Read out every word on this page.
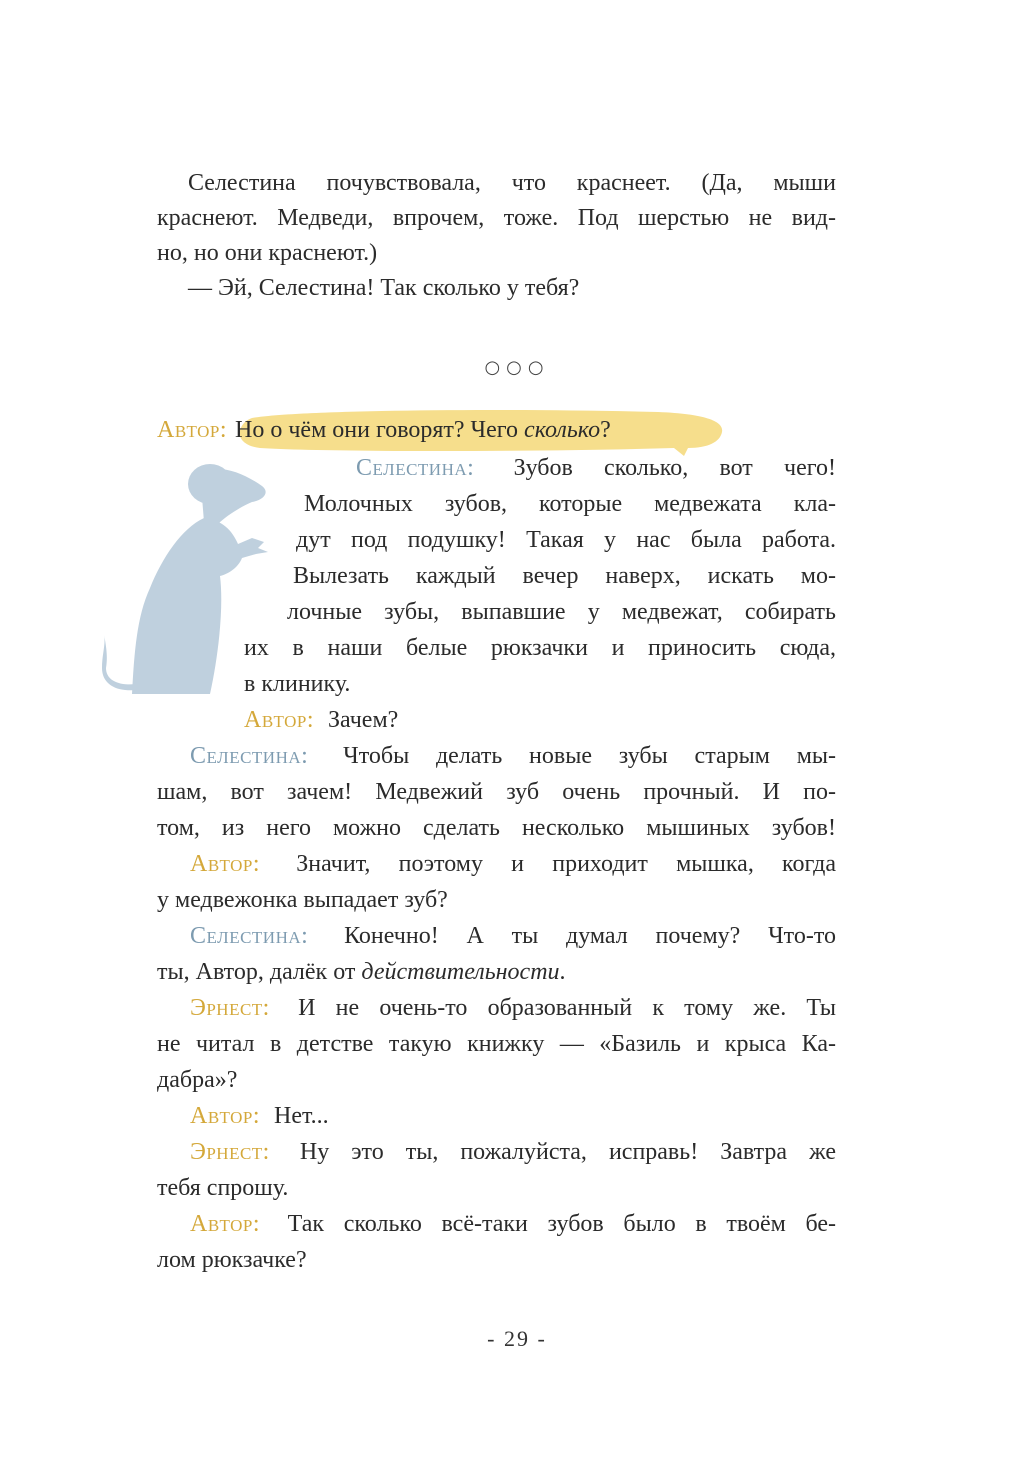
Селестина почувствовала, что краснеет. (Да, мыши
краснеют. Медведи, впрочем, тоже. Под шерстью не вид-
но, но они краснеют.)
— Эй, Селестина! Так сколько у тебя?
○○○
Автор: Но о чём они говорят? Чего сколько?
Селестина: Зубов сколько, вот чего!
Молочных зубов, которые медвежата кла-
дут под подушку! Такая у нас была работа.
Вылезать каждый вечер наверх, искать мо-
лочные зубы, выпавшие у медвежат, собирать
их в наши белые рюкзачки и приносить сюда,
в клинику.
Автор: Зачем?
Селестина: Чтобы делать новые зубы старым мы-
шам, вот зачем! Медвежий зуб очень прочный. И по-
том, из него можно сделать несколько мышиных зубов!
Автор: Значит, поэтому и приходит мышка, когда
у медвежонка выпадает зуб?
Селестина: Конечно! А ты думал почему? Что-то
ты, Автор, далёк от действительности.
Эрнест: И не очень-то образованный к тому же. Ты
не читал в детстве такую книжку — «Базиль и крыса Ка-
дабра»?
Автор: Нет...
Эрнест: Ну это ты, пожалуйста, исправь! Завтра же
тебя спрошу.
Автор: Так сколько всё-таки зубов было в твоём бе-
лом рюкзачке?
- 29 -
